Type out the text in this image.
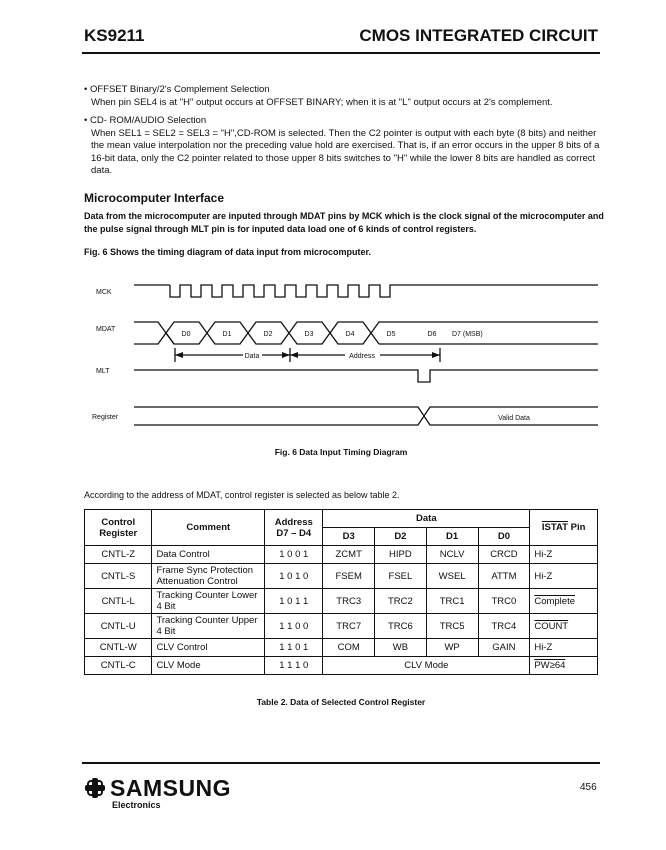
KS9211	CMOS INTEGRATED CIRCUIT
• OFFSET Binary/2's Complement Selection
When pin SEL4 is at "H" output occurs at OFFSET BINARY; when it is at "L" output occurs at 2's complement.
• CD- ROM/AUDIO Selection
When SEL1 = SEL2 = SEL3 = "H",CD-ROM is selected. Then the C2 pointer is output with each byte (8 bits) and neither the mean value interpolation nor the preceding value hold are exercised. That is, if an error occurs in the upper 8 bits of a 16-bit data, only the C2 pointer related to those upper 8 bits switches to "H" while the lower 8 bits are handled as correct data.
Microcomputer Interface
Data from the microcomputer are inputed through MDAT pins by MCK which is the clock signal of the microcomputer and the pulse signal through MLT pin is for inputed data load one of 6 kinds of control registers.
Fig. 6 Shows the timing diagram of data input from microcomputer.
MCK
MDAT
MLT
Register
D0	D1	D2	D3	D4	D5
Data	Address
Valid Data
Fig. 6 Data Input Timing Diagram
According to the address of MDAT, control register is selected as below table 2.
Control Register	Comment	Address D7 – D4	Data				ISTAT Pin
			D3	D2	D1	D0	
CNTL-Z	Data Control	1 0 0 1	ZCMT	HIPD	NCLV	CRCD	Hi-Z
CNTL-S	Frame Sync Protection Attenuation Control	1 0 1 0	FSEM	FSEL	WSEL	ATTM	Hi-Z
CNTL-L	Tracking Counter Lower 4 Bit	1 0 1 1	TRC3	TRC2	TRC1	TRC0	Complete
CNTL-U	Tracking Counter Upper 4 Bit	1 1 0 0	TRC7	TRC6	TRC5	TRC4	COUNT
CNTL-W	CLV Control	1 1 0 1	COM	WB	WP	GAIN	Hi-Z
CNTL-C	CLV Mode	1 1 1 0	CLV Mode				PW≥64
Table 2. Data of Selected Control Register
SAMSUNG
Electronics
456
D6 D7 (MSB)
